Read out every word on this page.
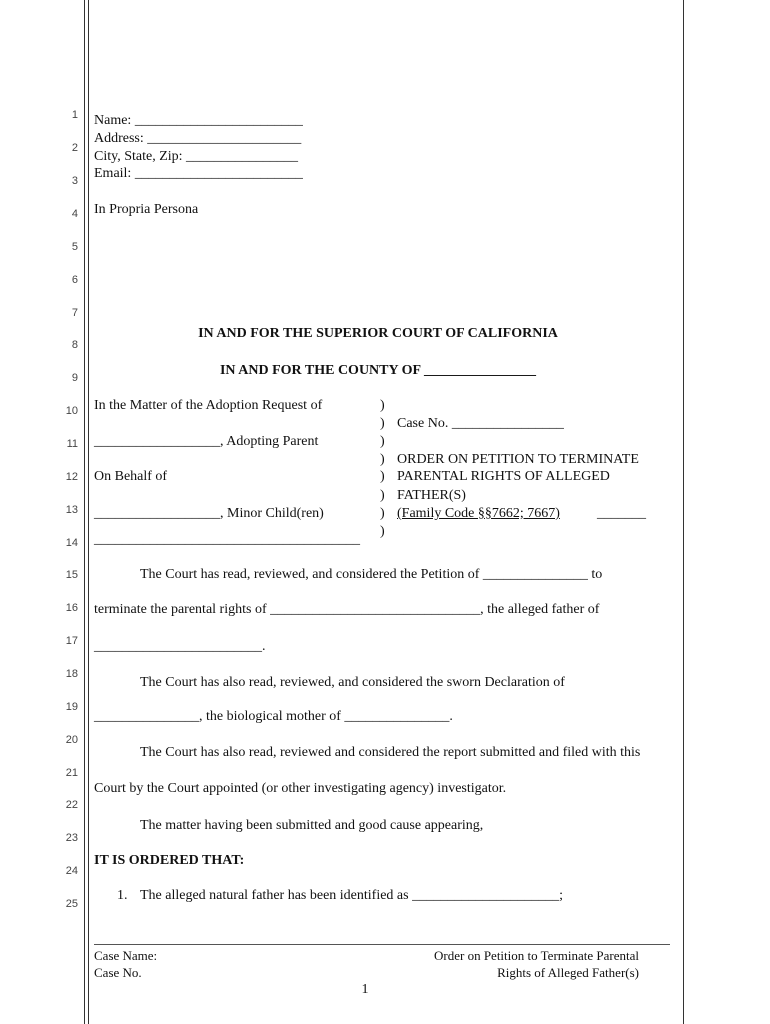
1
2
3
4
5
6
7
8
9
10
11
12
13
14
15
16
17
18
19
20
21
22
23
24
25
Name: ________________________
Address: ______________________
City, State, Zip: ________________
Email: ________________________
In Propria Persona
IN AND FOR THE SUPERIOR COURT OF CALIFORNIA
IN AND FOR THE COUNTY OF ________________
In the Matter of the Adoption Request of
__________________, Adopting Parent
On Behalf of
__________________, Minor Child(ren)
______________________________________
)
)
)
)
)
)
)
)
Case No. ________________
ORDER ON PETITION TO TERMINATE
PARENTAL RIGHTS OF ALLEGED
FATHER(S)
(Family Code §§7662; 7667)	_______
The Court has read, reviewed, and considered the Petition of _______________ to
terminate the parental rights of ______________________________, the alleged father of
________________________.
The Court has also read, reviewed, and considered the sworn Declaration of
_______________, the biological mother of _______________.
The Court has also read, reviewed and considered the report submitted and filed with this
Court by the Court appointed (or other investigating agency) investigator.
The matter having been submitted and good cause appearing,
IT IS ORDERED THAT:
1. The alleged natural father has been identified as _____________________;
Case Name:
Case No.
Order on Petition to Terminate Parental
Rights of Alleged Father(s)
1
